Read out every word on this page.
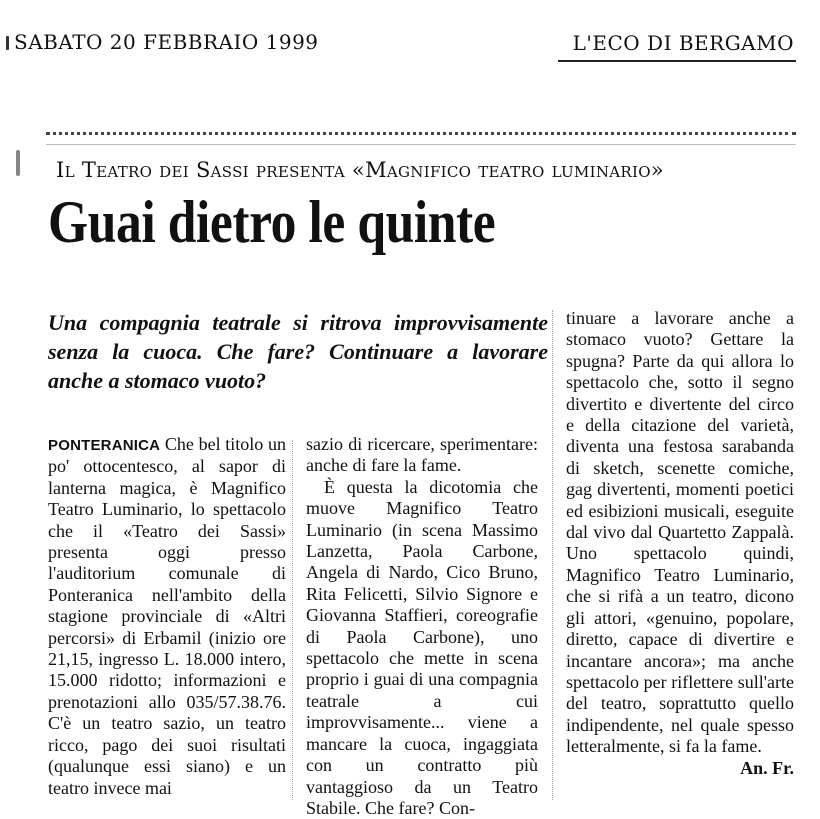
SABATO 20 FEBBRAIO 1999	L'ECO DI BERGAMO
Il Teatro dei Sassi presenta «Magnifico teatro luminario»
Guai dietro le quinte
Una compagnia teatrale si ritrova improvvisamente senza la cuoca. Che fare? Continuare a lavorare anche a stomaco vuoto?

PONTERANICA Che bel titolo un po' ottocentesco, al sapor di lanterna magica, è Magnifico Teatro Luminario, lo spettacolo che il «Teatro dei Sassi» presenta oggi presso l'auditorium comunale di Ponteranica nell'ambito della stagione provinciale di «Altri percorsi» di Erbamil (inizio ore 21,15, ingresso L. 18.000 intero, 15.000 ridotto; informazioni e prenotazioni allo 035/57.38.76. C'è un teatro sazio, un teatro ricco, pago dei suoi risultati (qualunque essi siano) e un teatro invece mai

sazio di ricercare, sperimentare: anche di fare la fame.

È questa la dicotomia che muove Magnifico Teatro Luminario (in scena Massimo Lanzetta, Paola Carbone, Angela di Nardo, Cico Bruno, Rita Felicetti, Silvio Signore e Giovanna Staffieri, coreografie di Paola Carbone), uno spettacolo che mette in scena proprio i guai di una compagnia teatrale a cui improvvisamente... viene a mancare la cuoca, ingaggiata con un contratto più vantaggioso da un Teatro Stabile. Che fare? Con-

tinuare a lavorare anche a stomaco vuoto? Gettare la spugna? Parte da qui allora lo spettacolo che, sotto il segno divertito e divertente del circo e della citazione del varietà, diventa una festosa sarabanda di sketch, scenette comiche, gag divertenti, momenti poetici ed esibizioni musicali, eseguite dal vivo dal Quartetto Zappalà. Uno spettacolo quindi, Magnifico Teatro Luminario, che si rifà a un teatro, dicono gli attori, «genuino, popolare, diretto, capace di divertire e incantare ancora»; ma anche spettacolo per riflettere sull'arte del teatro, soprattutto quello indipendente, nel quale spesso letteralmente, si fa la fame.

An. Fr.
